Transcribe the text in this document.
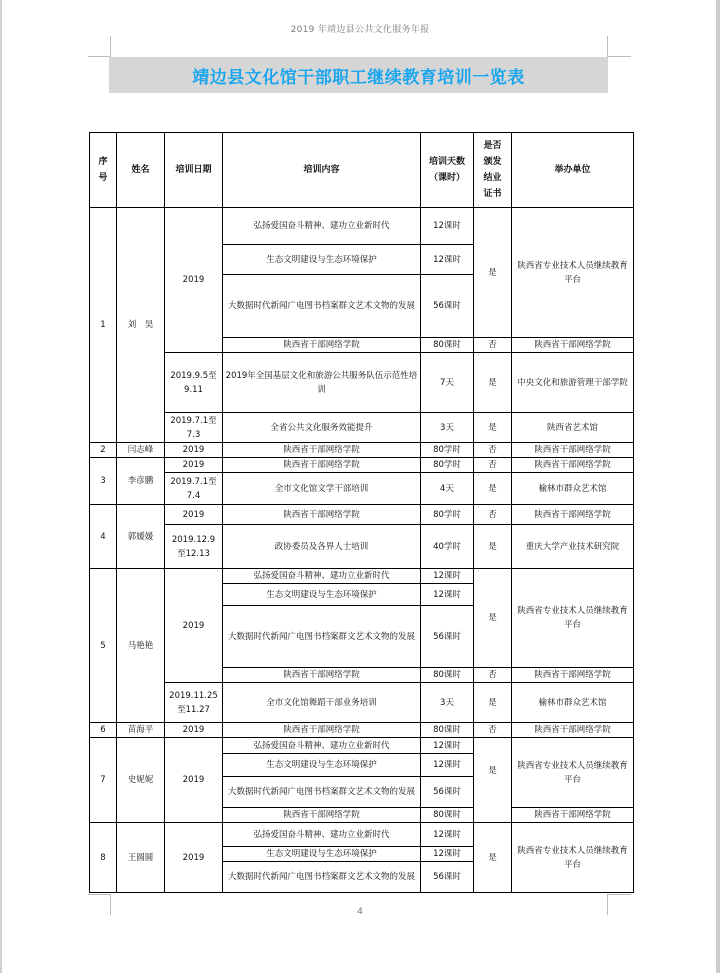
2019 年靖边县公共文化服务年报
靖边县文化馆干部职工继续教育培训一览表
序号	姓名	培训日期	培训内容	培训天数（课时）	是否颁发结业证书	举办单位
1	刘　昊	2019	弘扬爱国奋斗精神、建功立业新时代	12课时	是	陕西省专业技术人员继续教育平台
			生态文明建设与生态环境保护	12课时		
			大数据时代新闻广电图书档案群文艺术文物的发展	56课时		
			陕西省干部网络学院	80课时	否	陕西省干部网络学院
		2019.9.5至9.11	2019年全国基层文化和旅游公共服务队伍示范性培训	7天	是	中央文化和旅游管理干部学院
		2019.7.1至7.3	全省公共文化服务效能提升	3天	是	陕西省艺术馆
2	闫志峰	2019	陕西省干部网络学院	80学时	否	陕西省干部网络学院
3	李彦鹏	2019	陕西省干部网络学院	80学时	否	陕西省干部网络学院
		2019.7.1至7.4	全市文化馆文学干部培训	4天	是	榆林市群众艺术馆
4	郭媛媛	2019	陕西省干部网络学院	80学时	否	陕西省干部网络学院
		2019.12.9　　至12.13	政协委员及各界人士培训	40学时	是	重庆大学产业技术研究院
5	马艳艳	2019	弘扬爱国奋斗精神、建功立业新时代	12课时	是	陕西省专业技术人员继续教育平台
			生态文明建设与生态环境保护	12课时		
			大数据时代新闻广电图书档案群文艺术文物的发展	56课时		
			陕西省干部网络学院	80课时	否	陕西省干部网络学院
		2019.11.25　　至11.27	全市文化馆舞蹈干部业务培训	3天	是	榆林市群众艺术馆
6	苗海平	2019	陕西省干部网络学院	80课时	否	陕西省干部网络学院
7	史妮妮	2019	弘扬爱国奋斗精神、建功立业新时代	12课时	是	陕西省专业技术人员继续教育平台
			生态文明建设与生态环境保护	12课时		
			大数据时代新闻广电图书档案群文艺术文物的发展	56课时		
			陕西省干部网络学院	80课时		陕西省干部网络学院
8	王圆圆	2019	弘扬爱国奋斗精神、建功立业新时代	12课时	是	陕西省专业技术人员继续教育平台
			生态文明建设与生态环境保护	12课时		
			大数据时代新闻广电图书档案群文艺术文物的发展	56课时		
4
